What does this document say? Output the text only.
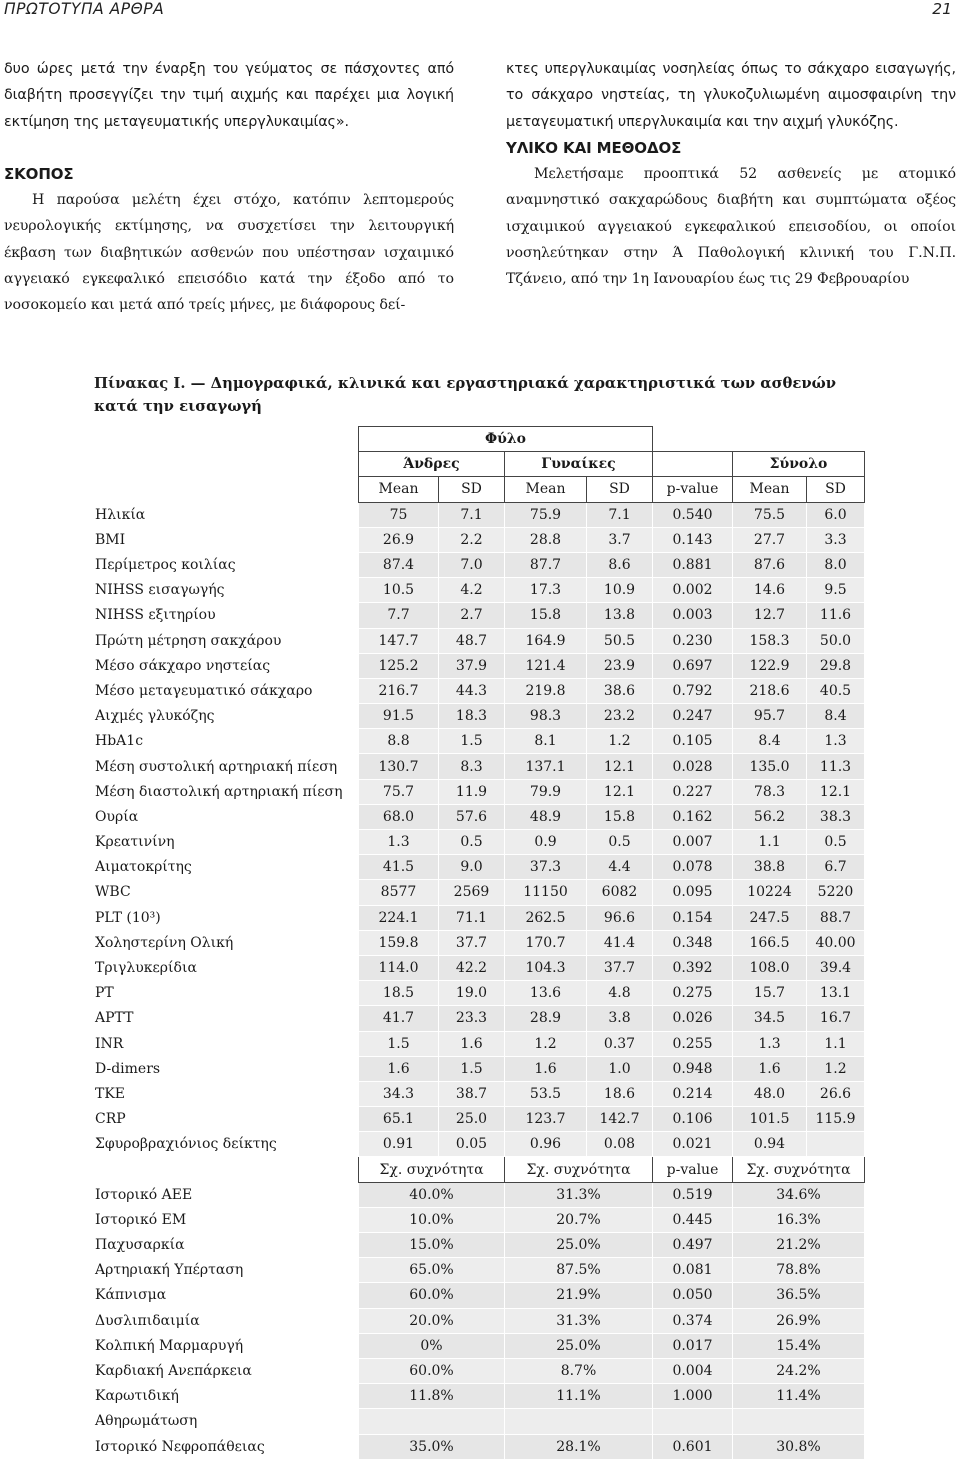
ΠΡΩΤΟΤΥΠΑ ΑΡΘΡΑ	21

δυο ώρες μετά την έναρξη του γεύματος σε πάσχοντες από διαβήτη προσεγγίζει την τιμή αιχμής και παρέχει μια λογική εκτίμηση της μεταγευματικής υπεργλυκαιμίας».

ΣΚΟΠΟΣ

Η παρούσα μελέτη έχει στόχο, κατόπιν λεπτομερούς νευρολογικής εκτίμησης, να συσχετίσει την λειτουργική έκβαση των διαβητικών ασθενών που υπέστησαν ισχαιμικό αγγειακό εγκεφαλικό επεισόδιο κατά την έξοδο από το νοσοκομείο και μετά από τρείς μήνες, με διάφορους δεί-

κτες υπεργλυκαιμίας νοσηλείας όπως το σάκχαρο εισαγωγής, το σάκχαρο νηστείας, τη γλυκοζυλιωμένη αιμοσφαιρίνη την μεταγευματική υπεργλυκαιμία και την αιχμή γλυκόζης.

ΥΛΙΚΟ ΚΑΙ ΜΕΘΟΔΟΣ

Μελετήσαμε προοπτικά 52 ασθενείς με ατομικό αναμνηστικό σακχαρώδους διαβήτη και συμπτώματα οξέος ισχαιμικού αγγειακού εγκεφαλικού επεισοδίου, οι οποίοι νοσηλεύτηκαν στην Ά Παθολογική κλινική του Γ.Ν.Π. Τζάνειο, από την 1η Ιανουαρίου έως τις 29 Φεβρουαρίου

Πίνακας Ι. — Δημογραφικά, κλινικά και εργαστηριακά χαρακτηριστικά των ασθενών κατά την εισαγωγή
	Φύλο						
	Άνδρες		Γυναίκες			Σύνολο	
	Mean	SD	Mean	SD	p-value	Mean	SD
Ηλικία	75	7.1	75.9	7.1	0.540	75.5	6.0
BMI	26.9	2.2	28.8	3.7	0.143	27.7	3.3
Περίμετρος κοιλίας	87.4	7.0	87.7	8.6	0.881	87.6	8.0
NIHSS εισαγωγής	10.5	4.2	17.3	10.9	0.002	14.6	9.5
NIHSS εξιτηρίου	7.7	2.7	15.8	13.8	0.003	12.7	11.6
Πρώτη μέτρηση σακχάρου	147.7	48.7	164.9	50.5	0.230	158.3	50.0
Μέσο σάκχαρο νηστείας	125.2	37.9	121.4	23.9	0.697	122.9	29.8
Μέσο μεταγευματικό σάκχαρο	216.7	44.3	219.8	38.6	0.792	218.6	40.5
Αιχμές γλυκόζης	91.5	18.3	98.3	23.2	0.247	95.7	8.4
HbA1c	8.8	1.5	8.1	1.2	0.105	8.4	1.3
Μέση συστολική αρτηριακή πίεση	130.7	8.3	137.1	12.1	0.028	135.0	11.3
Μέση διαστολική αρτηριακή πίεση	75.7	11.9	79.9	12.1	0.227	78.3	12.1
Ουρία	68.0	57.6	48.9	15.8	0.162	56.2	38.3
Κρεατινίνη	1.3	0.5	0.9	0.5	0.007	1.1	0.5
Αιματοκρίτης	41.5	9.0	37.3	4.4	0.078	38.8	6.7
WBC	8577	2569	11150	6082	0.095	10224	5220
PLT (10³)	224.1	71.1	262.5	96.6	0.154	247.5	88.7
Χοληστερίνη Ολική	159.8	37.7	170.7	41.4	0.348	166.5	40.00
Τριγλυκερίδια	114.0	42.2	104.3	37.7	0.392	108.0	39.4
PT	18.5	19.0	13.6	4.8	0.275	15.7	13.1
APTT	41.7	23.3	28.9	3.8	0.026	34.5	16.7
INR	1.5	1.6	1.2	0.37	0.255	1.3	1.1
D-dimers	1.6	1.5	1.6	1.0	0.948	1.6	1.2
TKE	34.3	38.7	53.5	18.6	0.214	48.0	26.6
CRP	65.1	25.0	123.7	142.7	0.106	101.5	115.9
Σφυροβραχιόνιος δείκτης	0.91	0.05	0.96	0.08	0.021	0.94	
	Σχ. συχνότητα		Σχ. συχνότητα		p-value	Σχ. συχνότητα	
Ιστορικό ΑΕΕ	40.0%		31.3%		0.519	34.6%	
Ιστορικό ΕΜ	10.0%		20.7%		0.445	16.3%	
Παχυσαρκία	15.0%		25.0%		0.497	21.2%	
Αρτηριακή Υπέρταση	65.0%		87.5%		0.081	78.8%	
Κάπνισμα	60.0%		21.9%		0.050	36.5%	
Δυσλιπιδαιμία	20.0%		31.3%		0.374	26.9%	
Κολπική Μαρμαρυγή	0%		25.0%		0.017	15.4%	
Καρδιακή Ανεπάρκεια	60.0%		8.7%		0.004	24.2%	
Καρωτιδική	11.8%		11.1%		1.000	11.4%	
Αθηρωμάτωση							
Ιστορικό Νεφροπάθειας	35.0%		28.1%		0.601	30.8%	
